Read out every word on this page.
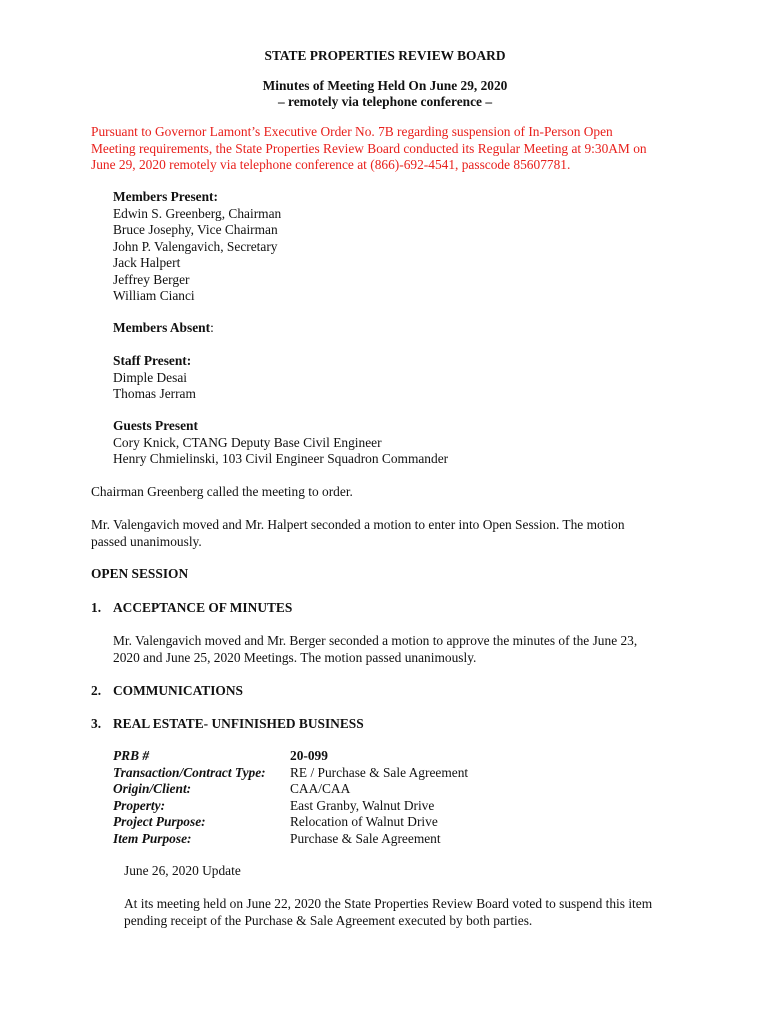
STATE PROPERTIES REVIEW BOARD
Minutes of Meeting Held On June 29, 2020
– remotely via telephone conference –
Pursuant to Governor Lamont’s Executive Order No. 7B regarding suspension of In-Person Open
Meeting requirements, the State Properties Review Board conducted its Regular Meeting at 9:30AM on
June 29, 2020 remotely via telephone conference at (866)-692-4541, passcode 85607781.
Members Present:
Edwin S. Greenberg, Chairman
Bruce Josephy, Vice Chairman
John P. Valengavich, Secretary
Jack Halpert
Jeffrey Berger
William Cianci
Members Absent:
Staff Present:
Dimple Desai
Thomas Jerram
Guests Present
Cory Knick, CTANG Deputy Base Civil Engineer
Henry Chmielinski, 103 Civil Engineer Squadron Commander
Chairman Greenberg called the meeting to order.
Mr. Valengavich moved and Mr. Halpert seconded a motion to enter into Open Session. The motion
passed unanimously.
OPEN SESSION
1. ACCEPTANCE OF MINUTES
Mr. Valengavich moved and Mr. Berger seconded a motion to approve the minutes of the June 23,
2020 and June 25, 2020 Meetings. The motion passed unanimously.
2. COMMUNICATIONS
3. REAL ESTATE- UNFINISHED BUSINESS
PRB #
Transaction/Contract Type:
Origin/Client:
Property:
Project Purpose:
Item Purpose:
20-099
RE / Purchase & Sale Agreement
CAA/CAA
East Granby, Walnut Drive
Relocation of Walnut Drive
Purchase & Sale Agreement
June 26, 2020 Update
At its meeting held on June 22, 2020 the State Properties Review Board voted to suspend this item
pending receipt of the Purchase & Sale Agreement executed by both parties.
